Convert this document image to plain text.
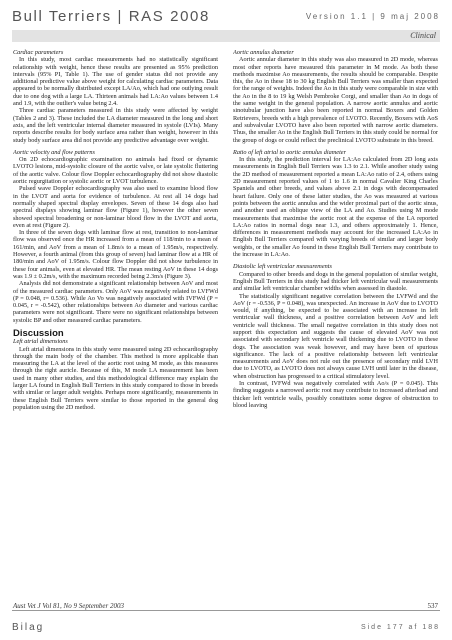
Bull Terriers | RAS 2008	Version 1.1 | 9 maj 2008
Clinical
Cardiac parameters

In this study, most cardiac measurements had no statistically significant relationship with weight, hence these results are presented as 95% prediction intervals (95% PI, Table 1). The use of gender status did not provide any additional predictive value above weight for calculating cardiac parameters. Data appeared to be normally distributed except LA/Ao, which had one outlying result due to one dog with a large LA. Thirteen animals had LA:Ao values between 1.4 and 1.9, with the outlier's value being 2.4.

Three cardiac parameters measured in this study were affected by weight (Tables 2 and 3). These included the LA diameter measured in the long and short axis, and the left ventricular internal diameter measured in systole (LVIs). Many reports describe results for body surface area rather than weight, however in this study body surface area did not provide any predictive advantage over weight.

Aortic velocity and flow patterns

On 2D echocardiographic examination no animals had fixed or dynamic LVOTO lesions, mid-systolic closure of the aortic valve, or late systolic fluttering of the aortic valve. Colour flow Doppler echocardiography did not show diastolic aortic regurgitation or systolic aortic or LVOT turbulence.

Pulsed wave Doppler echocardiography was also used to examine blood flow in the LVOT and aorta for evidence of turbulence. At rest all 14 dogs had normally shaped spectral display envelopes. Seven of these 14 dogs also had spectral displays showing laminar flow (Figure 1), however the other seven showed spectral broadening or non-laminar blood flow in the LVOT and aorta, even at rest (Figure 2).

In three of the seven dogs with laminar flow at rest, transition to non-laminar flow was observed once the HR increased from a mean of 118/min to a mean of 161/min, and AoV from a mean of 1.8m/s to a mean of 1.95m/s, respectively. However, a fourth animal (from this group of seven) had laminar flow at a HR of 180/min and AoV of 1.95m/s. Colour flow Doppler did not show turbulence in these four animals, even at elevated HR. The mean resting AoV in these 14 dogs was 1.9 ± 0.2m/s, with the maximum recorded being 2.3m/s (Figure 3).

Analysis did not demonstrate a significant relationship between AoV and most of the measured cardiac parameters. Only AoV was negatively related to LVFWd (P = 0.048, r= 0.536). While Ao Vo was negatively associated with IVFWd (P = 0.045, r = -0.542), other relationships between Ao diameter and various cardiac parameters were not significant. There were no significant relationships between systolic BP and other measured cardiac parameters.

Discussion
Left atrial dimensions

Left atrial dimensions in this study were measured using 2D echocardiography through the main body of the chamber. This method is more applicable than measuring the LA at the level of the aortic root using M mode, as this measures through the right auricle. Because of this, M mode LA measurement has been used in many other studies, and this methodological difference may explain the larger LA found in English Bull Terriers in this study compared to those in breeds with similar or larger adult weights. Perhaps more significantly, measurements in these English Bull Terriers were similar to those reported in the general dog population using the 2D method.

Aortic annulus diameter

Aortic annular diameter in this study was also measured in 2D mode, whereas most other reports have measured this parameter in M mode. As both these methods maximise Ao measurements, the results should be comparable. Despite this, the Ao in these 18 to 30 kg English Bull Terriers was smaller than expected for the range of weights. Indeed the Ao in this study were comparable in size with the Ao in the 8 to 19 kg Welsh Pembroke Corgi, and smaller than Ao in dogs of the same weight in the general population. A narrow aortic annulus and aortic sinotubular junction have also been reported in normal Boxers and Golden Retrievers, breeds with a high prevalence of LVOTO. Recently, Boxers with AoS and subvalvular LVOTO have also been reported with narrow aortic diameters. Thus, the smaller Ao in the English Bull Terriers in this study could be normal for the group of dogs or could reflect the preclinical LVOTO substrate in this breed.

Ratio of left atrial to aortic annulus diameter

In this study, the prediction interval for LA:Ao calculated from 2D long axis measurements in English Bull Terriers was 1.3 to 2.1. While another study using the 2D method of measurement reported a mean LA:Ao ratio of 2.4, others using 2D measurement reported values of 1 to 1.6 in normal Cavalier King Charles Spaniels and other breeds, and values above 2.1 in dogs with decompensated heart failure. Only one of these latter studies, the Ao was measured at various points between the aortic annulus and the wider proximal part of the aortic sinus, and another used an oblique view of the LA and Ao. Studies using M mode measurements that maximise the aortic root at the expense of the LA reported LA:Ao ratios in normal dogs near 1.3, and others approximately 1. Hence, differences in measurement methods may account for the increased LA:Ao in English Bull Terriers compared with varying breeds of similar and larger body weights, or the smaller Ao found in these English Bull Terriers may contribute to the increase in LA:Ao.

Diastolic left ventricular measurements

Compared to other breeds and dogs in the general population of similar weight, English Bull Terriers in this study had thicker left ventricular wall measurements and similar left ventricular chamber widths when assessed in diastole.

The statistically significant negative correlation between the LVFWd and the AoV (r = -0.536, P = 0.048), was unexpected. An increase in AoV due to LVOTO would, if anything, be expected to be associated with an increase in left ventricular wall thickness, and a positive correlation between AoV and left ventricle wall thickness. The small negative correlation in this study does not support this expectation and suggests the cause of elevated AoV was not associated with secondary left ventricle wall thickening due to LVOTO in these dogs. The association was weak however, and may have been of spurious significance. The lack of a positive relationship between left ventricular measurements and AoV does not rule out the presence of secondary mild LVH due to LVOTO, as LVOTO does not always cause LVH until later in the disease, when obstruction has progressed to a critical stimulatory level.

In contrast, IVFWd was negatively correlated with Ao/s (P = 0.045). This finding suggests a narrowed aortic root may contribute to increased afterload and thicker left ventricle walls, possibly constitutes some degree of obstruction to blood leaving

Aust Vet J Vol 81, No 9 September 2003	537
Bilag	Side 177 af 188
